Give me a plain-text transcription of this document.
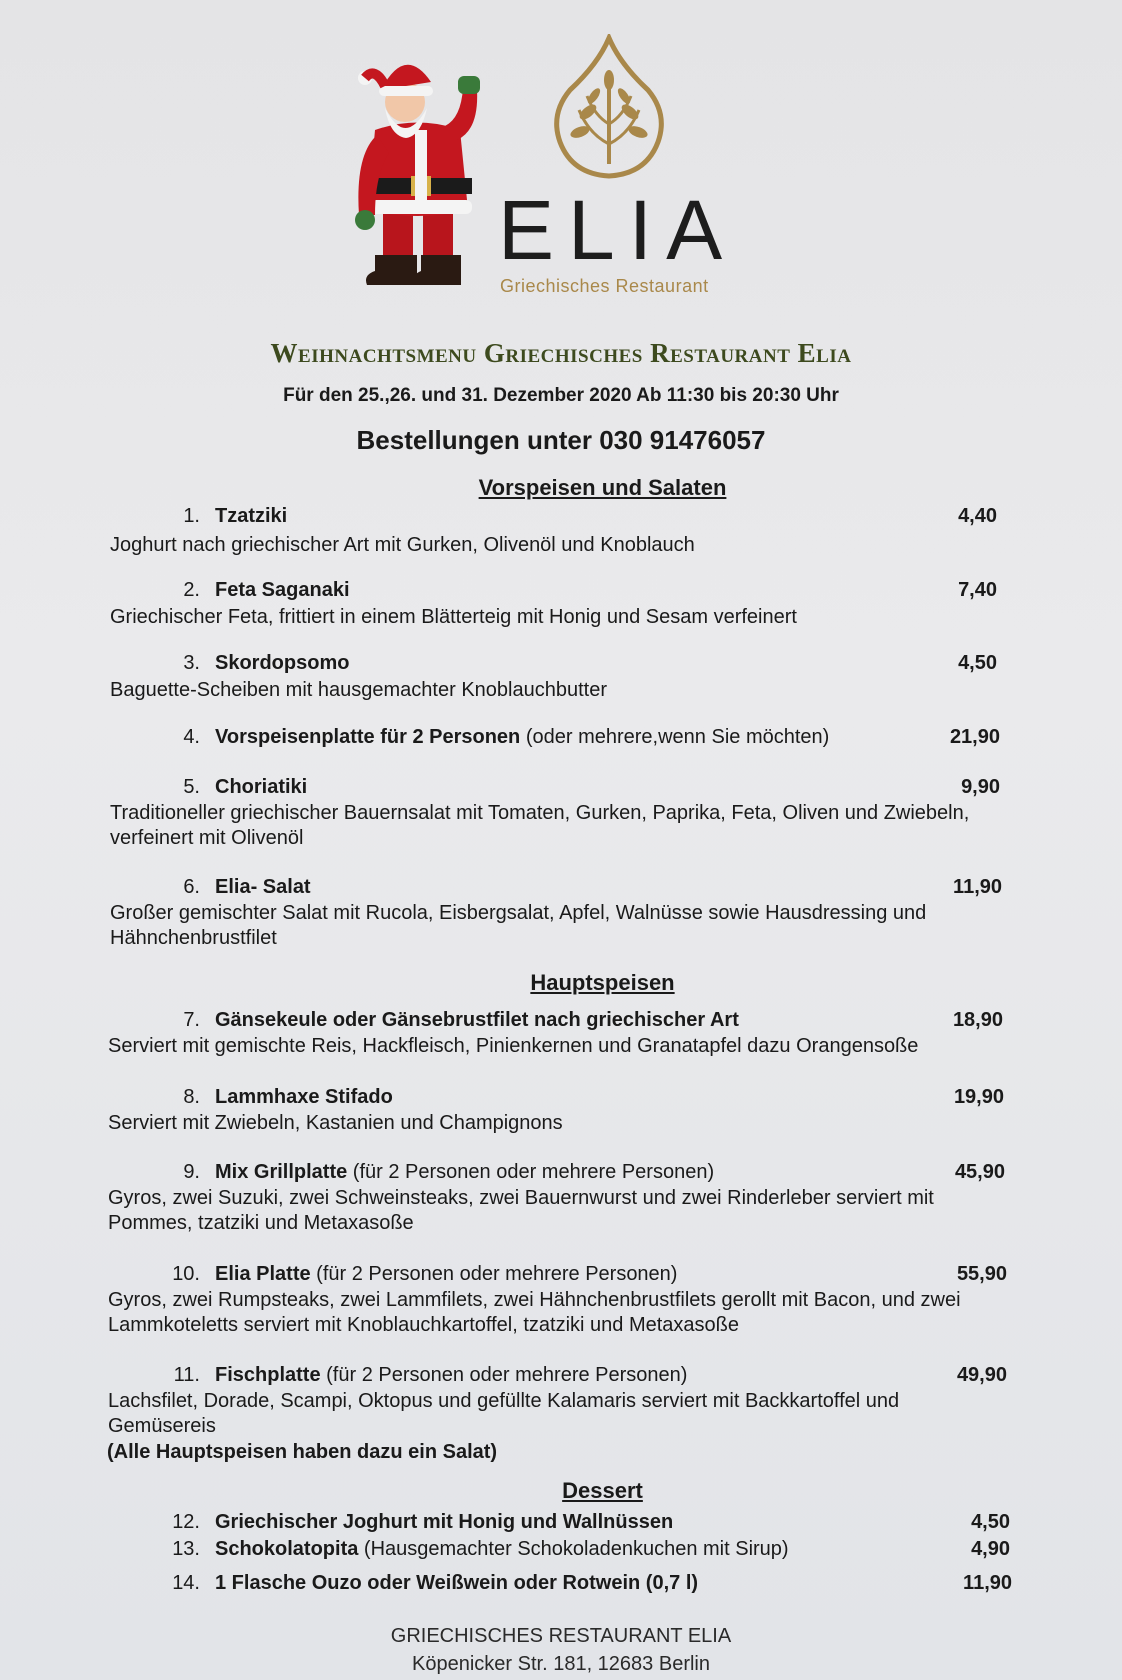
ELIA
Griechisches Restaurant
Weihnachtsmenu Griechisches Restaurant Elia
Für den 25.,26. und 31. Dezember 2020 Ab 11:30 bis 20:30 Uhr
Bestellungen unter 030 91476057
Vorspeisen und Salaten
Hauptspeisen
Dessert
1. Tzatziki	4,40
Joghurt nach griechischer Art mit Gurken, Olivenöl und Knoblauch
2. Feta Saganaki	7,40
Griechischer Feta, frittiert in einem Blätterteig mit Honig und Sesam verfeinert
3. Skordopsomo	4,50
Baguette-Scheiben mit hausgemachter Knoblauchbutter
4. Vorspeisenplatte für 2 Personen (oder mehrere,wenn Sie möchten)	21,90
5. Choriatiki	9,90
Traditioneller griechischer Bauernsalat mit Tomaten, Gurken, Paprika, Feta, Oliven und Zwiebeln, verfeinert mit Olivenöl
6. Elia- Salat	11,90
Großer gemischter Salat mit Rucola, Eisbergsalat, Apfel, Walnüsse sowie Hausdressing und Hähnchenbrustfilet
7. Gänsekeule oder Gänsebrustfilet nach griechischer Art	18,90
Serviert mit gemischte Reis, Hackfleisch, Pinienkernen und Granatapfel dazu Orangensoße
8. Lammhaxe Stifado	19,90
Serviert mit Zwiebeln, Kastanien und Champignons
9. Mix Grillplatte (für 2 Personen oder mehrere Personen)	45,90
Gyros, zwei Suzuki, zwei Schweinsteaks, zwei Bauernwurst und zwei Rinderleber serviert mit Pommes, tzatziki und Metaxasoße
10. Elia Platte (für 2 Personen oder mehrere Personen)	55,90
Gyros, zwei Rumpsteaks, zwei Lammfilets, zwei Hähnchenbrustfilets gerollt mit Bacon, und zwei Lammkoteletts serviert mit Knoblauchkartoffel, tzatziki und Metaxasoße
11. Fischplatte (für 2 Personen oder mehrere Personen)	49,90
Lachsfilet, Dorade, Scampi, Oktopus und gefüllte Kalamaris serviert mit Backkartoffel und Gemüsereis
12. Griechischer Joghurt mit Honig und Wallnüssen	4,50
13. Schokolatopita (Hausgemachter Schokoladenkuchen mit Sirup)	4,90
14. 1 Flasche Ouzo oder Weißwein oder Rotwein (0,7 l)	11,90
(Alle Hauptspeisen haben dazu ein Salat)
GRIECHISCHES RESTAURANT ELIA
Köpenicker Str. 181, 12683 Berlin
